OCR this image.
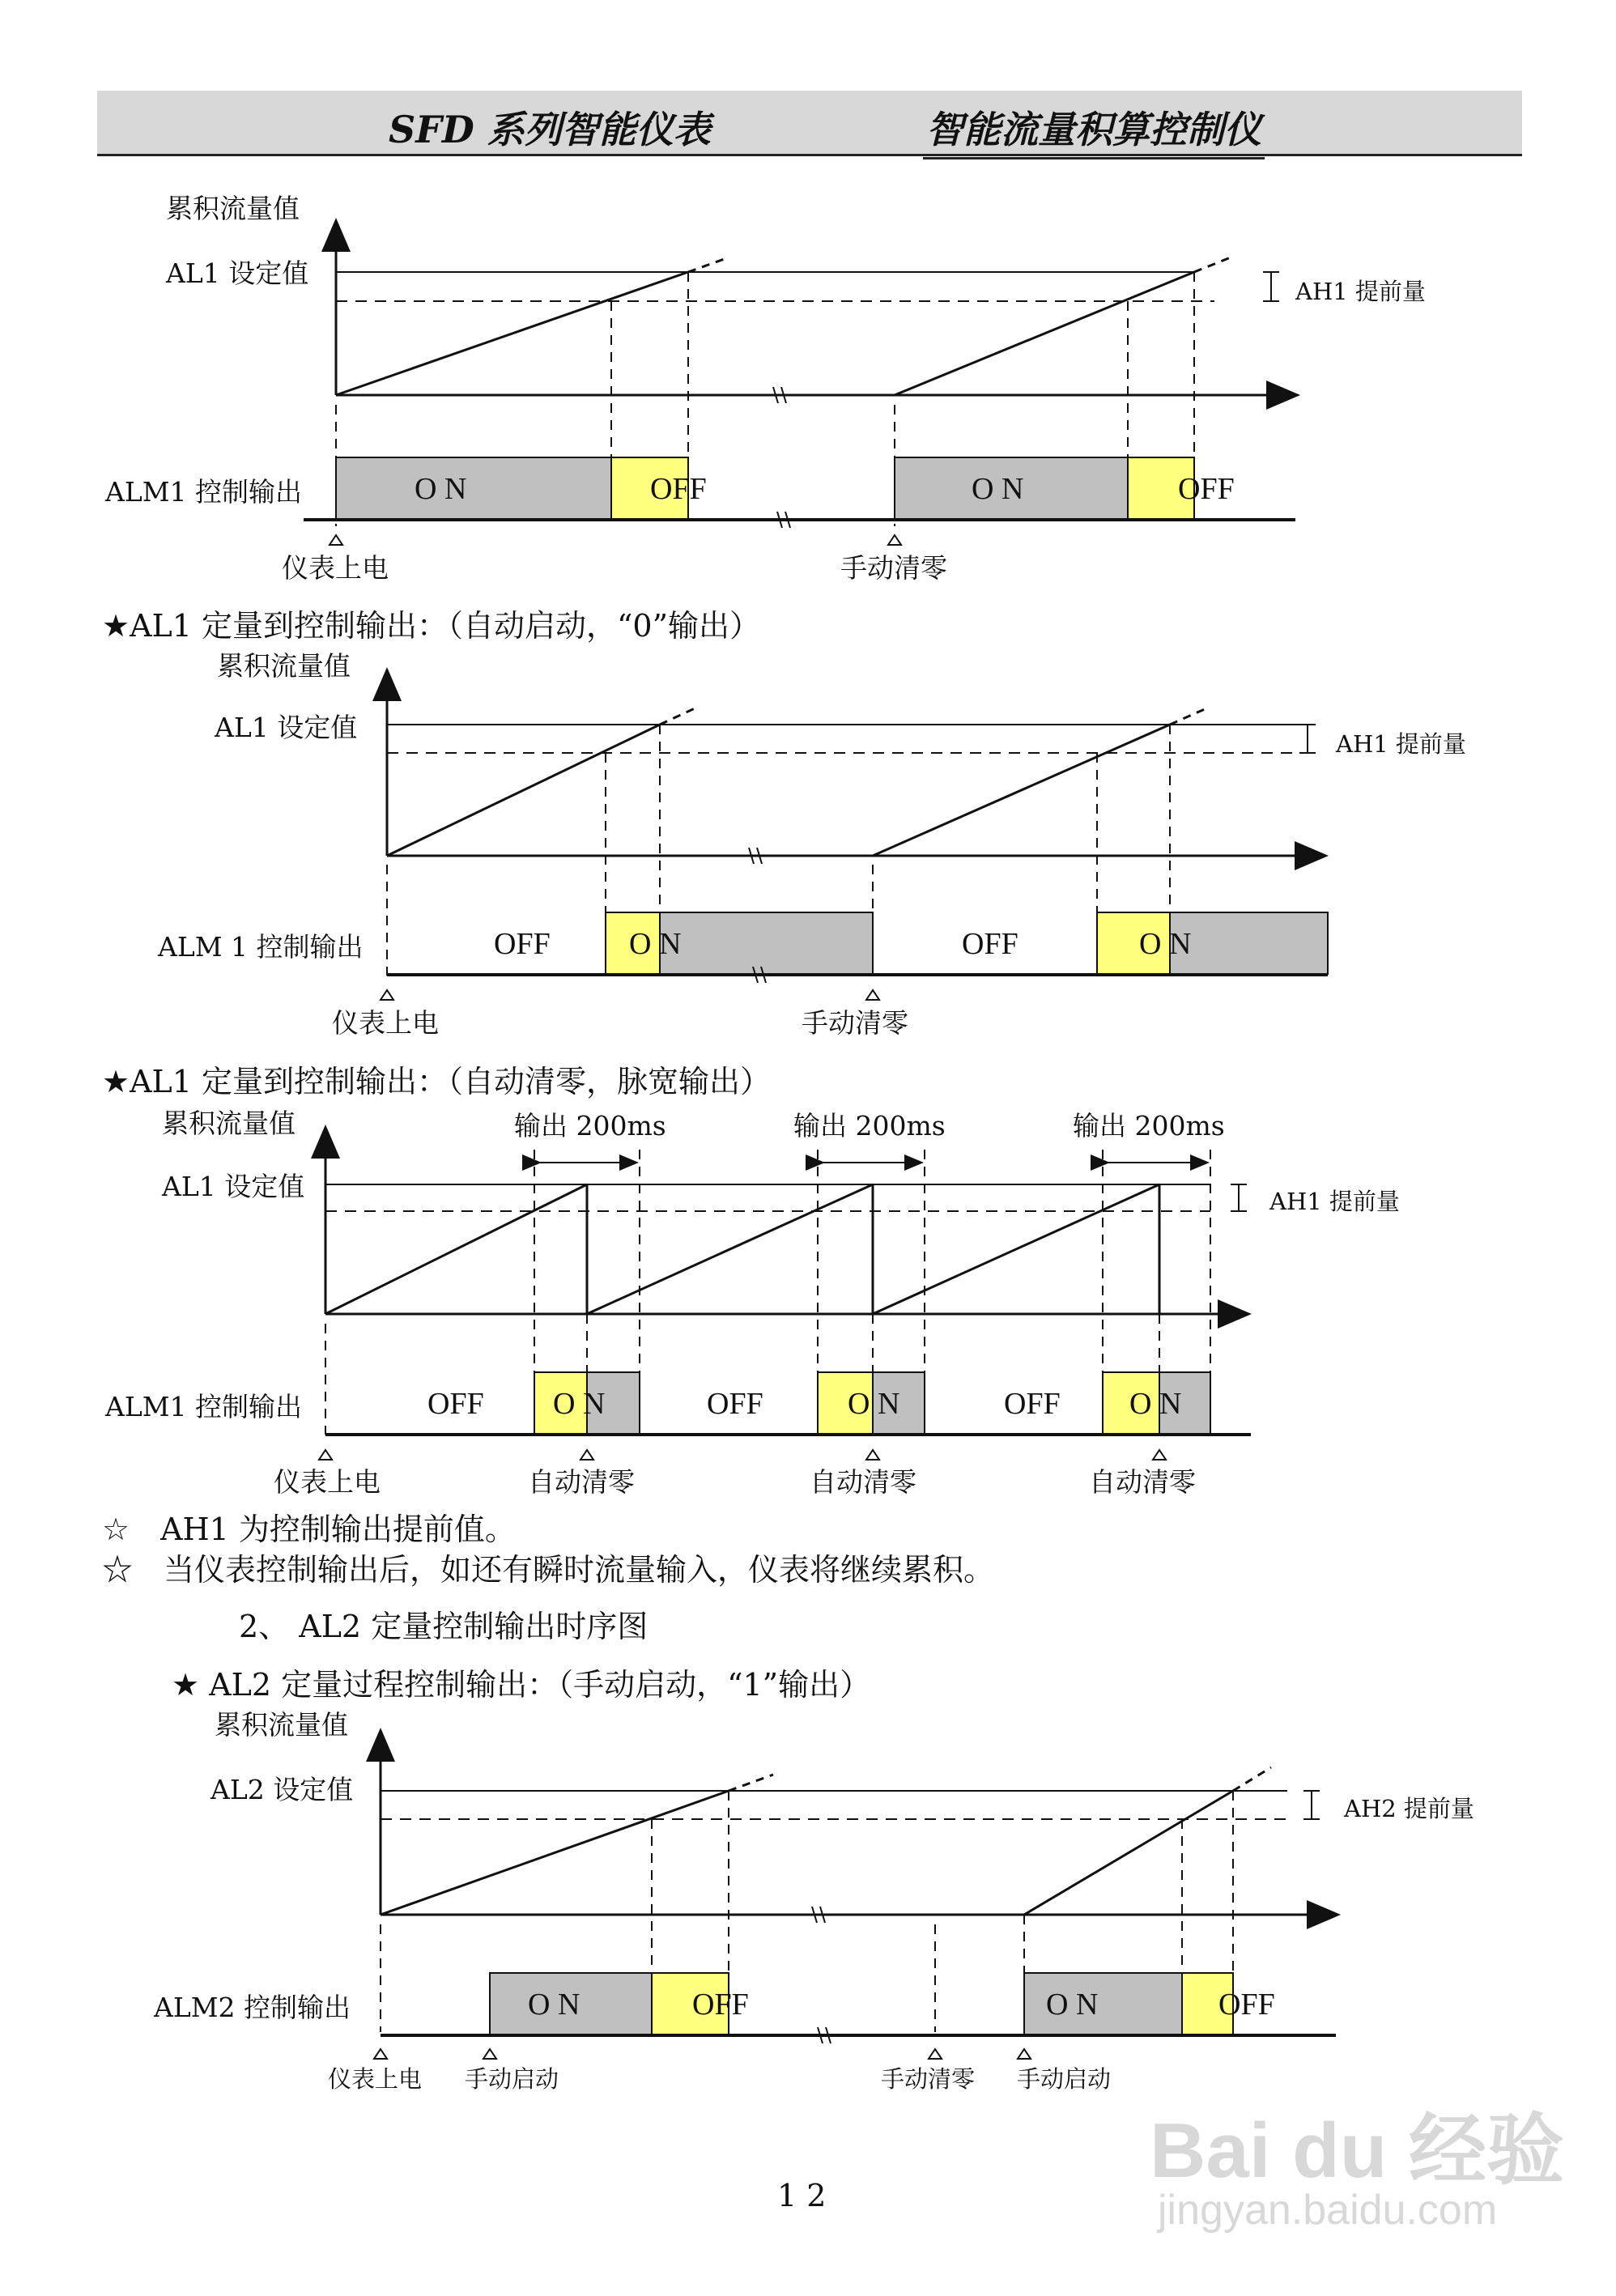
SFD 系列智能仪表	智能流量积算控制仪
累积流量值
AL1 设定值
AH1 提前量
ALM1 控制输出	O N	OFF	O N	OFF
仪表上电	手动清零
★AL1 定量到控制输出：（自动启动，“0”输出）
累积流量值
AL1 设定值
AH1 提前量
ALM 1 控制输出	OFF	O N	OFF	O N
仪表上电	手动清零
★AL1 定量到控制输出：（自动清零，脉宽输出）
累积流量值
AL1 设定值	AH1 提前量
输出 200ms	输出 200ms	输出 200ms
ALM1 控制输出	OFF O N	OFF	O N	OFF O N
仪表上电	自动清零	自动清零	自动清零
☆　AH1 为控制输出提前值。
☆　当仪表控制输出后，如还有瞬时流量输入，仪表将继续累积。
2、 AL2 定量控制输出时序图
★ AL2 定量过程控制输出：（手动启动，“1”输出）
累积流量值
AL2 设定值
AH2 提前量
ALM2 控制输出	O N	OFF	O N	OFF
仪表上电 手动启动	手动清零 手动启动
1 2
Bai du 经验
jingyan.baidu.com
